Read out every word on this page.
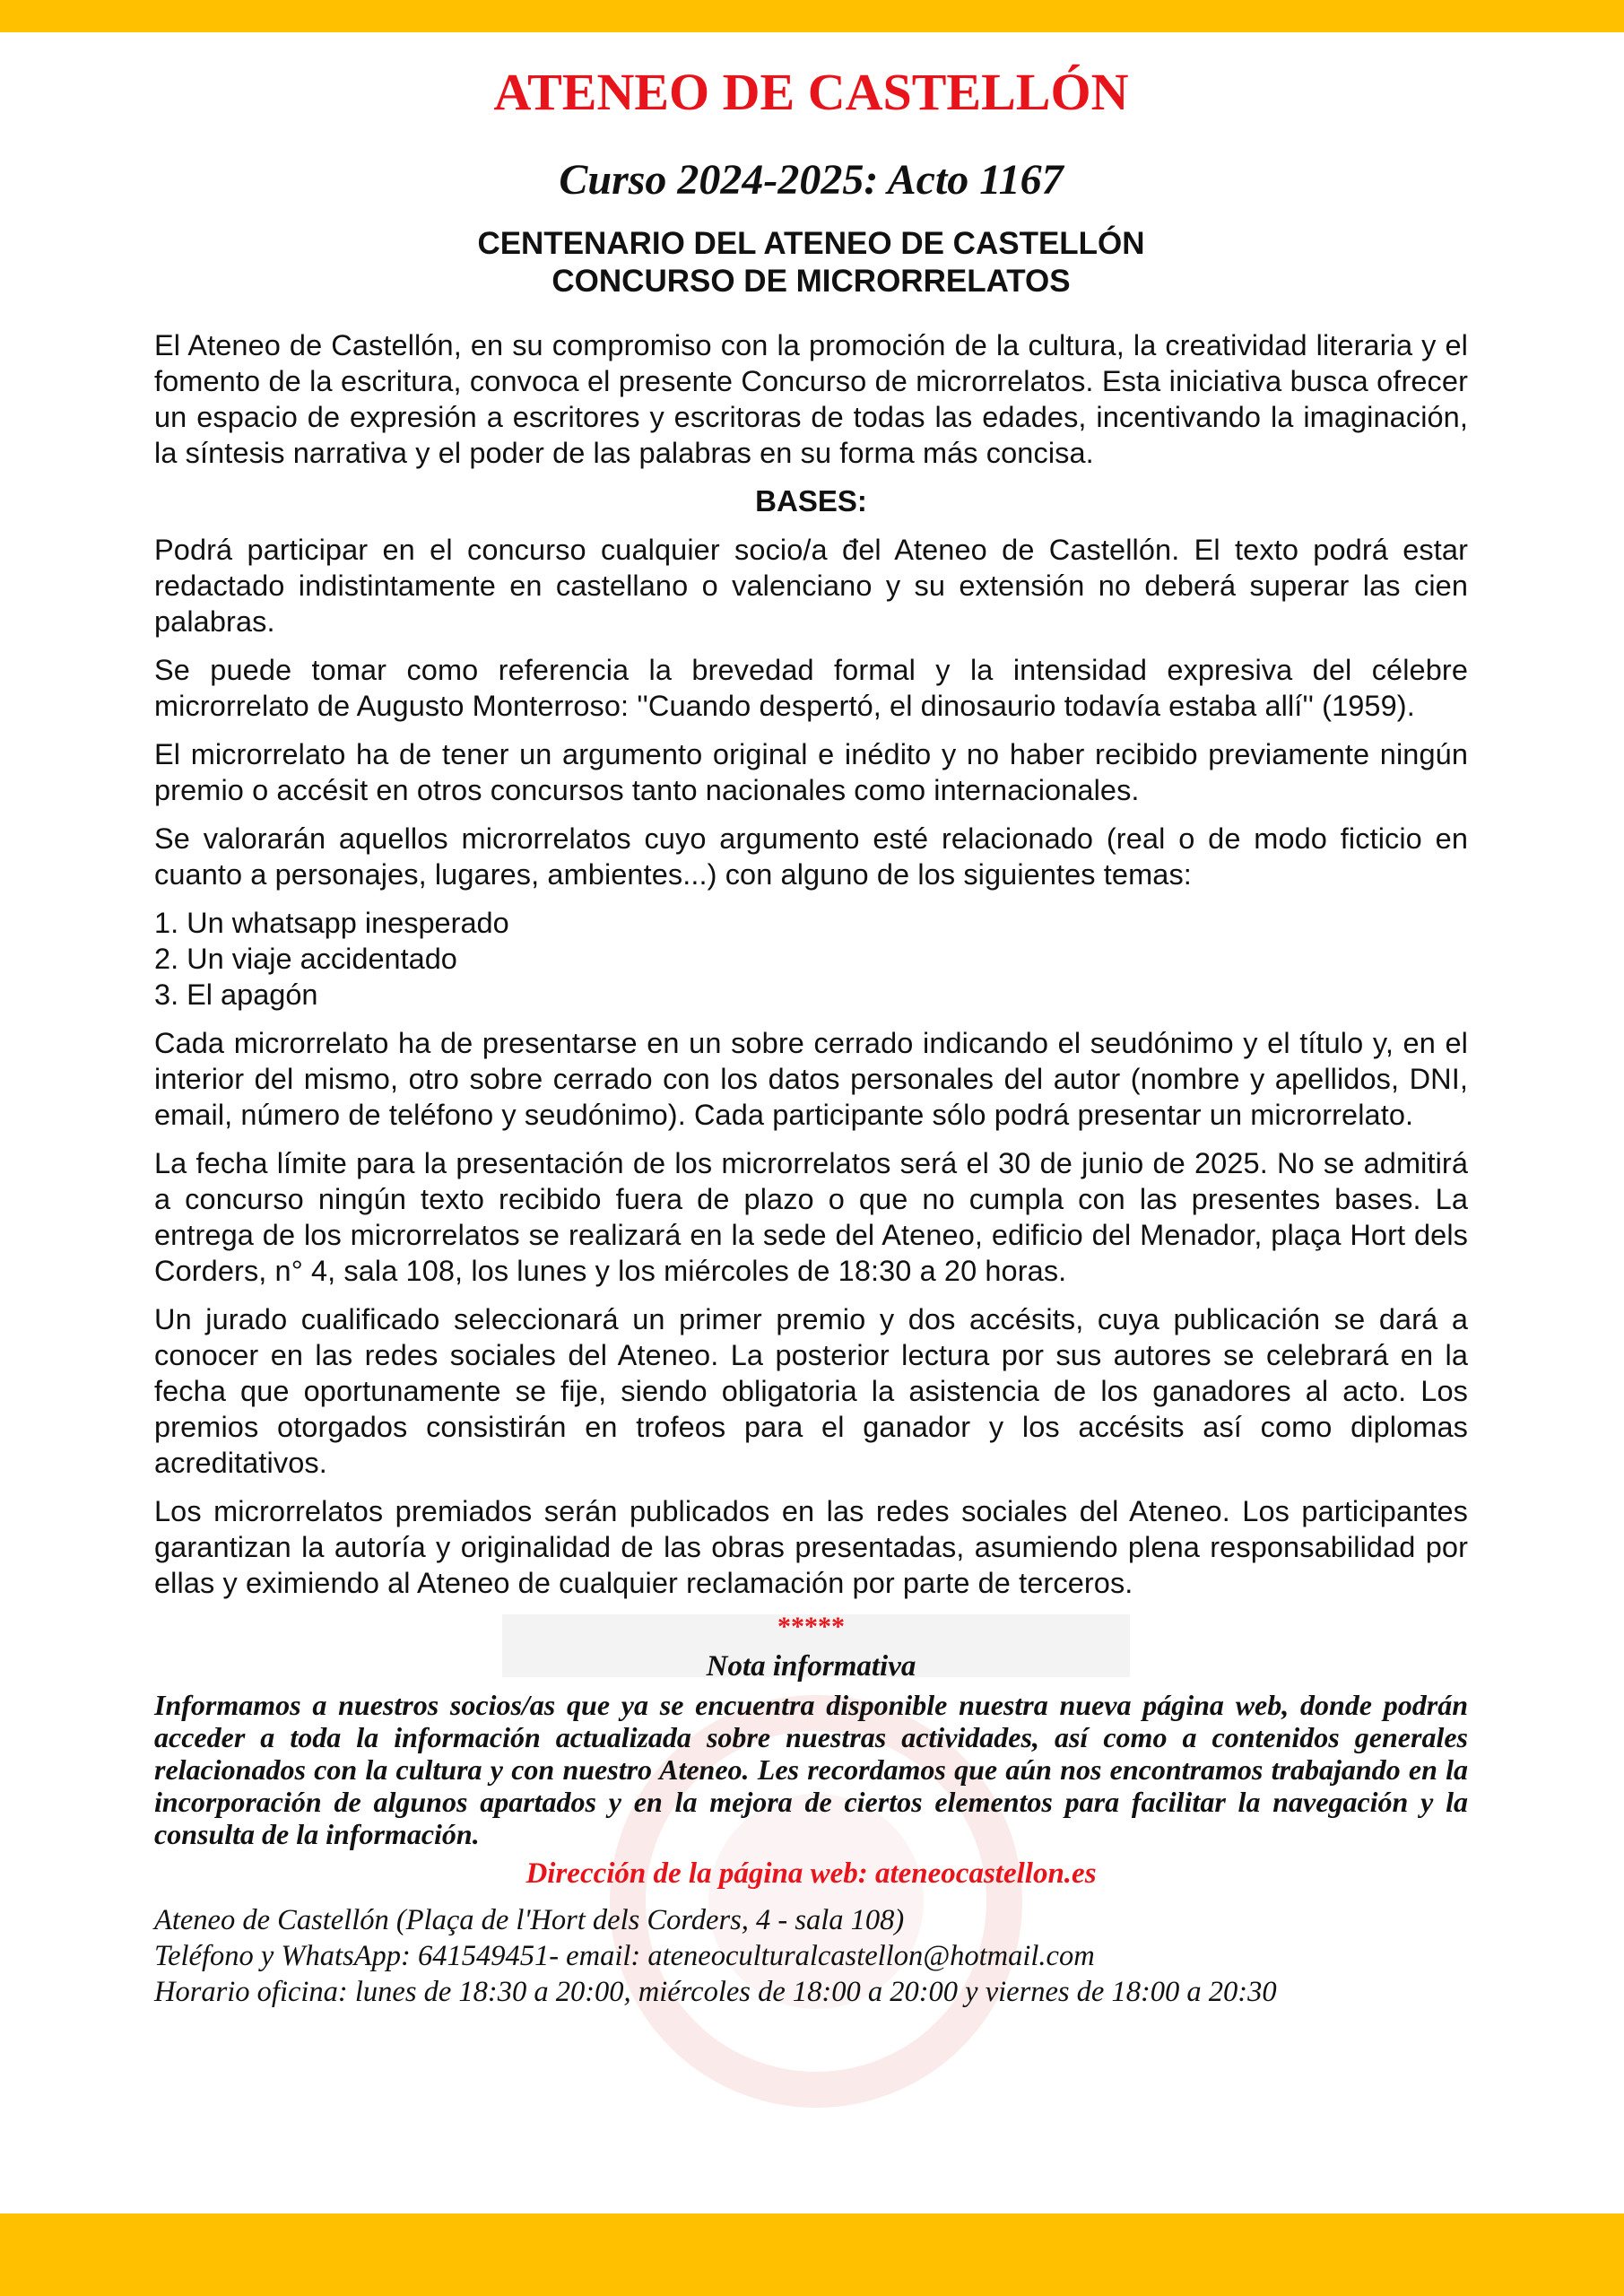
ATENEO DE CASTELLÓN
Curso 2024-2025: Acto 1167
CENTENARIO DEL ATENEO DE CASTELLÓN
CONCURSO DE MICRORRELATOS

El Ateneo de Castellón, en su compromiso con la promoción de la cultura, la creatividad literaria y el fomento de la escritura, convoca el presente Concurso de microrrelatos. Esta iniciativa busca ofrecer un espacio de expresión a escritores y escritoras de todas las edades, incentivando la imaginación, la síntesis narrativa y el poder de las palabras en su forma más concisa.

BASES:

Podrá participar en el concurso cualquier socio/a đel Ateneo de Castellón. El texto podrá estar redactado indistintamente en castellano o valenciano y su extensión no deberá superar las cien palabras.

Se puede tomar como referencia la brevedad formal y la intensidad expresiva del célebre microrrelato de Augusto Monterroso: ''Cuando despertó, el dinosaurio todavía estaba allí'' (1959).

El microrrelato ha de tener un argumento original e inédito y no haber recibido previamente ningún premio o accésit en otros concursos tanto nacionales como internacionales.

Se valorarán aquellos microrrelatos cuyo argumento esté relacionado (real o de modo ficticio en cuanto a personajes, lugares, ambientes...) con alguno de los siguientes temas:

1. Un whatsapp inesperado
2. Un viaje accidentado
3. El apagón

Cada microrrelato ha de presentarse en un sobre cerrado indicando el seudónimo y el título y, en el interior del mismo, otro sobre cerrado con los datos personales del autor (nombre y apellidos, DNI, email, número de teléfono y seudónimo). Cada participante sólo podrá presentar un microrrelato.

La fecha límite para la presentación de los microrrelatos será el 30 de junio de 2025. No se admitirá a concurso ningún texto recibido fuera de plazo o que no cumpla con las presentes bases. La entrega de los microrrelatos se realizará en la sede del Ateneo, edificio del Menador, plaça Hort dels Corders, n° 4, sala 108, los lunes y los miércoles de 18:30 a 20 horas.

Un jurado cualificado seleccionará un primer premio y dos accésits, cuya publicación se dará a conocer en las redes sociales del Ateneo. La posterior lectura por sus autores se celebrará en la fecha que oportunamente se fije, siendo obligatoria la asistencia de los ganadores al acto. Los premios otorgados consistirán en trofeos para el ganador y los accésits así como diplomas acreditativos.

Los microrrelatos premiados serán publicados en las redes sociales del Ateneo. Los participantes garantizan la autoría y originalidad de las obras presentadas, asumiendo plena responsabilidad por ellas y eximiendo al Ateneo de cualquier reclamación por parte de terceros.

*****
Nota informativa

Informamos a nuestros socios/as que ya se encuentra disponible nuestra nueva página web, donde podrán acceder a toda la información actualizada sobre nuestras actividades, así como a contenidos generales relacionados con la cultura y con nuestro Ateneo. Les recordamos que aún nos encontramos trabajando en la incorporación de algunos apartados y en la mejora de ciertos elementos para facilitar la navegación y la consulta de la información.

Dirección de la página web: ateneocastellon.es
Ateneo de Castellón (Plaça de l'Hort dels Corders, 4 - sala 108)
Teléfono y WhatsApp: 641549451- email: ateneoculturalcastellon@hotmail.com
Horario oficina: lunes de 18:30 a 20:00, miércoles de 18:00 a 20:00 y viernes de 18:00 a 20:30
